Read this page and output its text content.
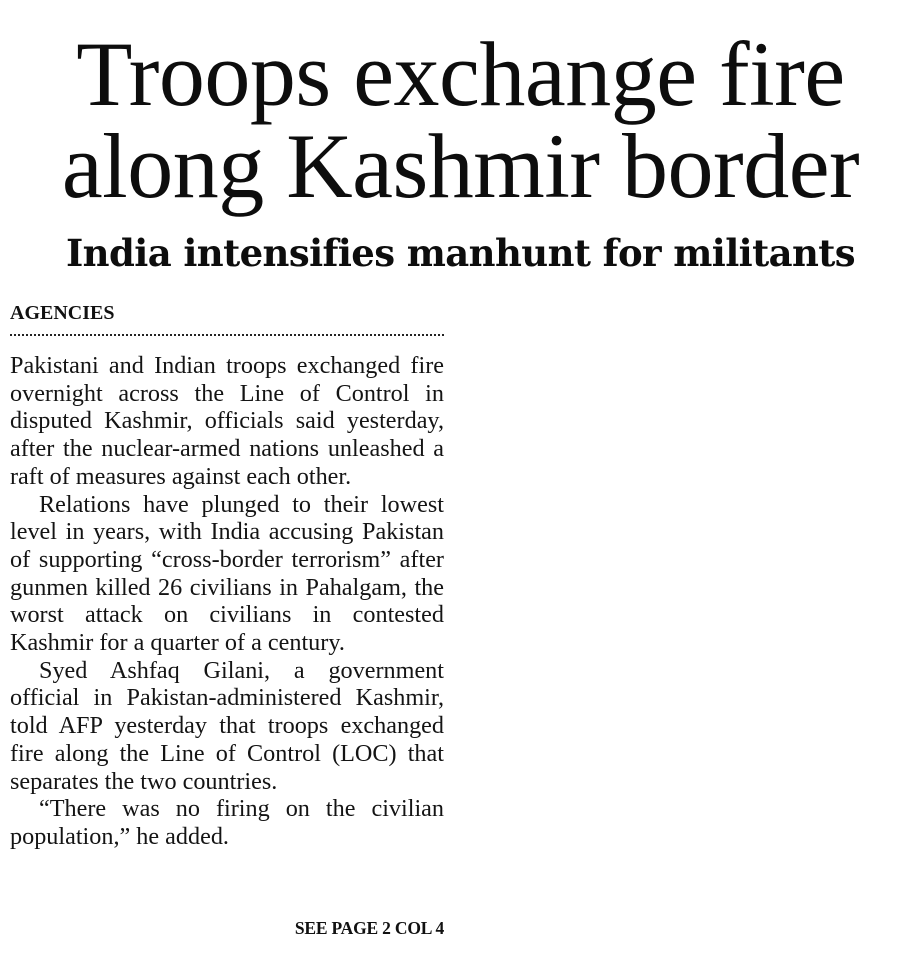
Troops exchange fire
along Kashmir border
India intensifies manhunt for militants
AGENCIES

Pakistani and Indian troops exchanged fire overnight across the Line of Control in disputed Kashmir, officials said yesterday, after the nuclear-armed nations unleashed a raft of measures against each other.

Relations have plunged to their lowest level in years, with India accusing Pakistan of supporting “cross-border terrorism” after gunmen killed 26 civilians in Pahalgam, the worst attack on civilians in contested Kashmir for a quarter of a century.

Syed Ashfaq Gilani, a government official in Pakistan-administered Kashmir, told AFP yesterday that troops exchanged fire along the Line of Control (LOC) that separates the two countries.

“There was no firing on the civilian population,” he added.

SEE PAGE 2 COL 4
